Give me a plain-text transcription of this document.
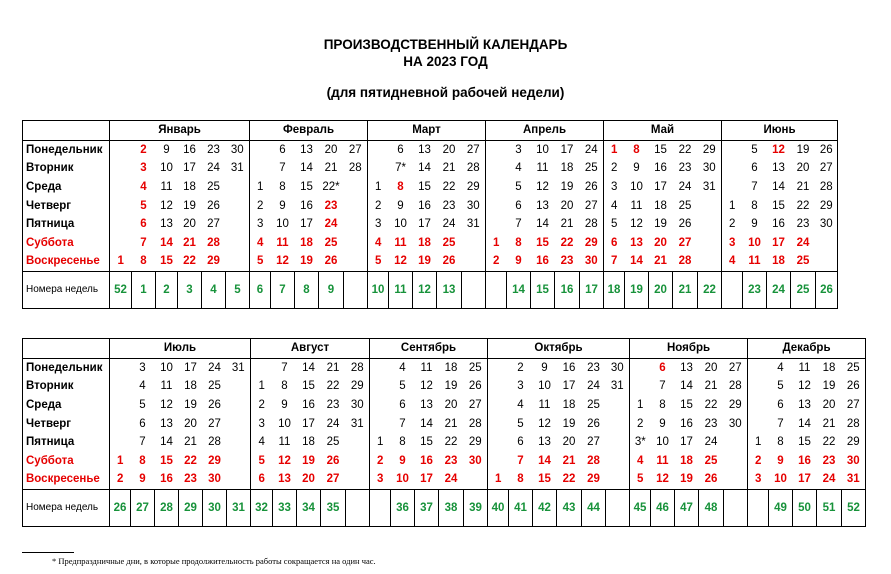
ПРОИЗВОДСТВЕННЫЙ КАЛЕНДАРЬ
НА 2023 ГОД
(для пятидневной рабочей недели)
	Январь						Февраль					Март					Апрель					Май					Июнь				
Понедельник		2	9	16	23	30		6	13	20	27		6	13	20	27		3	10	17	24	1	8	15	22	29		5	12	19	26
Вторник		3	10	17	24	31		7	14	21	28		7*	14	21	28		4	11	18	25	2	9	16	23	30		6	13	20	27
Среда		4	11	18	25		1	8	15	22*		1	8	15	22	29		5	12	19	26	3	10	17	24	31		7	14	21	28
Четверг		5	12	19	26		2	9	16	23		2	9	16	23	30		6	13	20	27	4	11	18	25		1	8	15	22	29
Пятница		6	13	20	27		3	10	17	24		3	10	17	24	31		7	14	21	28	5	12	19	26		2	9	16	23	30
Суббота		7	14	21	28		4	11	18	25		4	11	18	25		1	8	15	22	29	6	13	20	27		3	10	17	24	
Воскресенье	1	8	15	22	29		5	12	19	26		5	12	19	26		2	9	16	23	30	7	14	21	28		4	11	18	25	
Номера недель	52	1	2	3	4	5	6	7	8	9		10	11	12	13			14	15	16	17	18	19	20	21	22		23	24	25	26
	Июль						Август					Сентябрь					Октябрь						Ноябрь					Декабрь				
Понедельник		3	10	17	24	31		7	14	21	28		4	11	18	25		2	9	16	23	30		6	13	20	27		4	11	18	25
Вторник		4	11	18	25		1	8	15	22	29		5	12	19	26		3	10	17	24	31		7	14	21	28		5	12	19	26
Среда		5	12	19	26		2	9	16	23	30		6	13	20	27		4	11	18	25		1	8	15	22	29		6	13	20	27
Четверг		6	13	20	27		3	10	17	24	31		7	14	21	28		5	12	19	26		2	9	16	23	30		7	14	21	28
Пятница		7	14	21	28		4	11	18	25		1	8	15	22	29		6	13	20	27		3*	10	17	24		1	8	15	22	29
Суббота	1	8	15	22	29		5	12	19	26		2	9	16	23	30		7	14	21	28		4	11	18	25		2	9	16	23	30
Воскресенье	2	9	16	23	30		6	13	20	27		3	10	17	24		1	8	15	22	29		5	12	19	26		3	10	17	24	31
Номера недель	26	27	28	29	30	31	32	33	34	35			36	37	38	39	40	41	42	43	44		45	46	47	48			49	50	51	52
* Предпраздничные дни, в которые продолжительность работы сокращается на один час.
